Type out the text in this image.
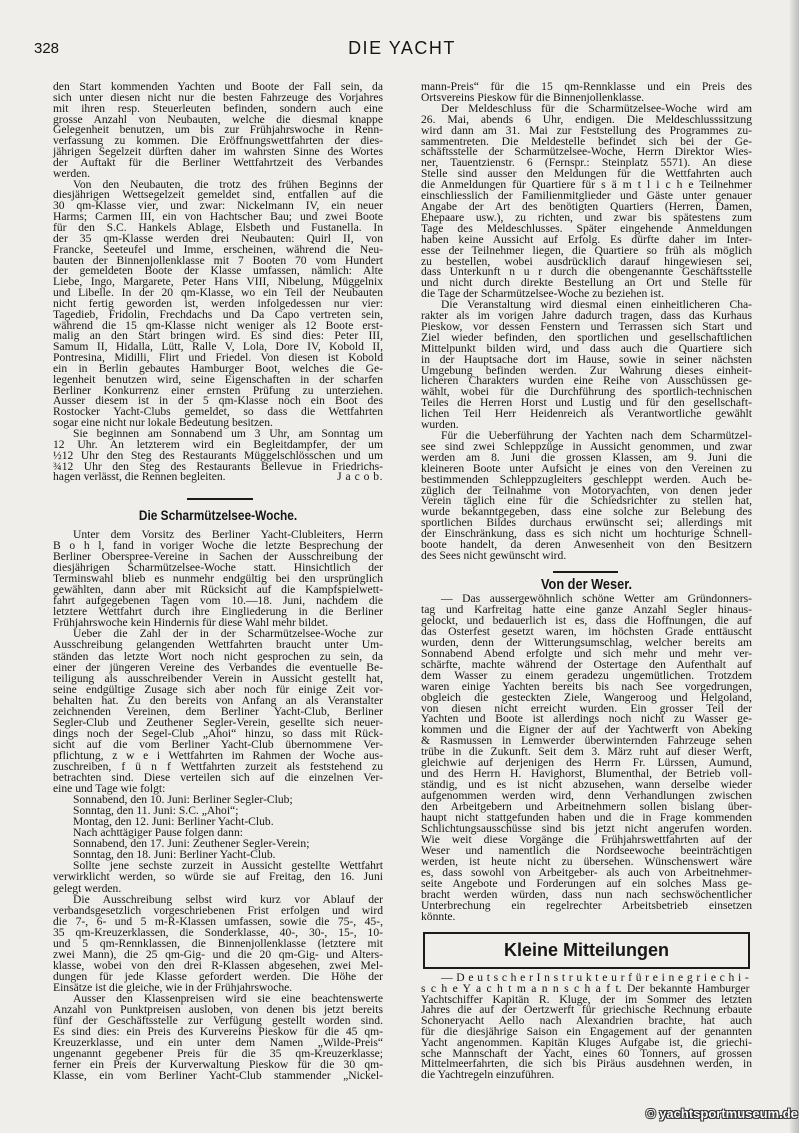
328	DIE YACHT
den Start kommenden Yachten und Boote der Fall sein, da
sich unter diesen nicht nur die besten Fahrzeuge des Vorjahres
mit ihren resp. Steuerleuten befinden, sondern auch eine
grosse Anzahl von Neubauten, welche die diesmal knappe
Gelegenheit benutzen, um bis zur Frühjahrswoche in Renn-
verfassung zu kommen. Die Eröffnungswettfahrten der dies-
jährigen Segelzeit dürften daher im wahrsten Sinne des Wortes
der Auftakt für die Berliner Wettfahrtzeit des Verbandes
werden.
Von den Neubauten, die trotz des frühen Beginns der
diesjährigen Wettsegelzeit gemeldet sind, entfallen auf die
30 qm-Klasse vier, und zwar: Nickelmann IV, ein neuer
Harms; Carmen III, ein von Hachtscher Bau; und zwei Boote
für den S.C. Hankels Ablage, Elsbeth und Fustanella. In
der 35 qm-Klasse werden drei Neubauten: Quirl II, von
Francke, Seeteufel und Imme, erscheinen, während die Neu-
bauten der Binnenjollenklasse mit 7 Booten 70 vom Hundert
der gemeldeten Boote der Klasse umfassen, nämlich: Alte
Liebe, Ingo, Margarete, Peter Hans VIII, Nibelung, Müggelnix
und Libelle. In der 20 qm-Klasse, wo ein Teil der Neubauten
nicht fertig geworden ist, werden infolgedessen nur vier:
Tagedieb, Fridolin, Frechdachs und Da Capo vertreten sein,
während die 15 qm-Klasse nicht weniger als 12 Boote erst-
malig an den Start bringen wird. Es sind dies: Peter III,
Samum II, Hidalla, Lütt, Ralle V, Lola, Dore IV, Kobold II,
Pontresina, Midilli, Flirt und Friedel. Von diesen ist Kobold
ein in Berlin gebautes Hamburger Boot, welches die Ge-
legenheit benutzen wird, seine Eigenschaften in der scharfen
Berliner Konkurrenz einer ernsten Prüfung zu unterziehen.
Ausser diesem ist in der 5 qm-Klasse noch ein Boot des
Rostocker Yacht-Clubs gemeldet, so dass die Wettfahrten
sogar eine nicht nur lokale Bedeutung besitzen.
Sie beginnen am Sonnabend um 3 Uhr, am Sonntag um
12 Uhr. An letzterem wird ein Begleitdampfer, der um
½12 Uhr den Steg des Restaurants Müggelschlösschen und um
¾12 Uhr den Steg des Restaurants Bellevue in Friedrichs-
hagen verlässt, die Rennen begleiten.	J a c o b.
Die Scharmützelsee-Woche.
Unter dem Vorsitz des Berliner Yacht-Clubleiters, Herrn
B o h l, fand in voriger Woche die letzte Besprechung der
Berliner Oberspree-Vereine in Sachen der Ausschreibung der
diesjährigen Scharmützelsee-Woche statt. Hinsichtlich der
Terminswahl blieb es nunmehr endgültig bei den ursprünglich
gewählten, dann aber mit Rücksicht auf die Kampfspielwett-
fahrt aufgegebenen Tagen vom 10.—18. Juni, nachdem die
letztere Wettfahrt durch ihre Eingliederung in die Berliner
Frühjahrswoche kein Hindernis für diese Wahl mehr bildet.
Ueber die Zahl der in der Scharmützelsee-Woche zur
Ausschreibung gelangenden Wettfahrten braucht unter Um-
ständen das letzte Wort noch nicht gesprochen zu sein, da
einer der jüngeren Vereine des Verbandes die eventuelle Be-
teiligung als ausschreibender Verein in Aussicht gestellt hat,
seine endgültige Zusage sich aber noch für einige Zeit vor-
behalten hat. Zu den bereits von Anfang an als Veranstalter
zeichnenden Vereinen, dem Berliner Yacht-Club, Berliner
Segler-Club und Zeuthener Segler-Verein, gesellte sich neuer-
dings noch der Segel-Club „Ahoi“ hinzu, so dass mit Rück-
sicht auf die vom Berliner Yacht-Club übernommene Ver-
pflichtung, z w e i Wettfahrten im Rahmen der Woche aus-
zuschreiben, f ü n f Wettfahrten zurzeit als feststehend zu
betrachten sind. Diese verteilen sich auf die einzelnen Ver-
eine und Tage wie folgt:
Sonnabend, den 10. Juni: Berliner Segler-Club;
Sonntag, den 11. Juni: S.C. „Ahoi“;
Montag, den 12. Juni: Berliner Yacht-Club.
Nach achttägiger Pause folgen dann:
Sonnabend, den 17. Juni: Zeuthener Segler-Verein;
Sonntag, den 18. Juni: Berliner Yacht-Club.
Sollte jene sechste zurzeit in Aussicht gestellte Wettfahrt
verwirklicht werden, so würde sie auf Freitag, den 16. Juni
gelegt werden.
Die Ausschreibung selbst wird kurz vor Ablauf der
verbandsgesetzlich vorgeschriebenen Frist erfolgen und wird
die 7-, 6- und 5 m-R-Klassen umfassen, sowie die 75-, 45-,
35 qm-Kreuzerklassen, die Sonderklasse, 40-, 30-, 15-, 10-
und 5 qm-Rennklassen, die Binnenjollenklasse (letztere mit
zwei Mann), die 25 qm-Gig- und die 20 qm-Gig- und Alters-
klasse, wobei von den drei R-Klassen abgesehen, zwei Mel-
dungen für jede Klasse gefordert werden. Die Höhe der
Einsätze ist die gleiche, wie in der Frühjahrswoche.
Ausser den Klassenpreisen wird sie eine beachtenswerte
Anzahl von Punktpreisen ausloben, von denen bis jetzt bereits
fünf der Geschäftsstelle zur Verfügung gestellt worden sind.
Es sind dies: ein Preis des Kurvereins Pieskow für die 45 qm-
Kreuzerklasse, und ein unter dem Namen „Wilde-Preis“
ungenannt gegebener Preis für die 35 qm-Kreuzerklasse;
ferner ein Preis der Kurverwaltung Pieskow für die 30 qm-
Klasse, ein vom Berliner Yacht-Club stammender „Nickel-
mann-Preis“ für die 15 qm-Rennklasse und ein Preis des
Ortsvereins Pieskow für die Binnenjollenklasse.
Der Meldeschluss für die Scharmützelsee-Woche wird am
26. Mai, abends 6 Uhr, endigen. Die Meldeschlusssitzung
wird dann am 31. Mai zur Feststellung des Programmes zu-
sammentreten. Die Meldestelle befindet sich bei der Ge-
schäftsstelle der Scharmützelsee-Woche, Herrn Direktor Wies-
ner, Tauentzienstr. 6 (Fernspr.: Steinplatz 5571). An diese
Stelle sind ausser den Meldungen für die Wettfahrten auch
die Anmeldungen für Quartiere für s ä m t l i c h e Teilnehmer
einschliesslich der Familienmitglieder und Gäste unter genauer
Angabe der Art des benötigten Quartiers (Herren, Damen,
Ehepaare usw.), zu richten, und zwar bis spätestens zum
Tage des Meldeschlusses. Später eingehende Anmeldungen
haben keine Aussicht auf Erfolg. Es dürfte daher im Inter-
esse der Teilnehmer liegen, die Quartiere so früh als möglich
zu bestellen, wobei ausdrücklich darauf hingewiesen sei,
dass Unterkunft n u r durch die obengenannte Geschäftsstelle
und nicht durch direkte Bestellung an Ort und Stelle für
die Tage der Scharmützelsee-Woche zu beziehen ist.
Die Veranstaltung wird diesmal einen einheitlicheren Cha-
rakter als im vorigen Jahre dadurch tragen, dass das Kurhaus
Pieskow, vor dessen Fenstern und Terrassen sich Start und
Ziel wieder befinden, den sportlichen und gesellschaftlichen
Mittelpunkt bilden wird, und dass auch die Quartiere sich
in der Hauptsache dort im Hause, sowie in seiner nächsten
Umgebung befinden werden. Zur Wahrung dieses einheit-
licheren Charakters wurden eine Reihe von Ausschüssen ge-
wählt, wobei für die Durchführung des sportlich-technischen
Teiles die Herren Horst und Lustig und für den gesellschaft-
lichen Teil Herr Heidenreich als Verantwortliche gewählt
wurden.
Für die Ueberführung der Yachten nach dem Scharmützel-
see sind zwei Schleppzüge in Aussicht genommen, und zwar
werden am 8. Juni die grossen Klassen, am 9. Juni die
kleineren Boote unter Aufsicht je eines von den Vereinen zu
bestimmenden Schleppzugleiters geschleppt werden. Auch be-
züglich der Teilnahme von Motoryachten, von denen jeder
Verein täglich eine für die Schiedsrichter zu stellen hat,
wurde bekanntgegeben, dass eine solche zur Belebung des
sportlichen Bildes durchaus erwünscht sei; allerdings mit
der Einschränkung, dass es sich nicht um hochturige Schnell-
boote handelt, da deren Anwesenheit von den Besitzern
des Sees nicht gewünscht wird.
Von der Weser.
— Das aussergewöhnlich schöne Wetter am Gründonners-
tag und Karfreitag hatte eine ganze Anzahl Segler hinaus-
gelockt, und bedauerlich ist es, dass die Hoffnungen, die auf
das Osterfest gesetzt waren, im höchsten Grade enttäuscht
wurden, denn der Witterungsumschlag, welcher bereits am
Sonnabend Abend erfolgte und sich mehr und mehr ver-
schärfte, machte während der Ostertage den Aufenthalt auf
dem Wasser zu einem geradezu ungemütlichen. Trotzdem
waren einige Yachten bereits bis nach See vorgedrungen,
obgleich die gesteckten Ziele, Wangeroog und Helgoland,
von diesen nicht erreicht wurden. Ein grosser Teil der
Yachten und Boote ist allerdings noch nicht zu Wasser ge-
kommen und die Eigner der auf der Yachtwerft von Abeking
& Rasmussen in Lemwerder überwinternden Fahrzeuge sehen
trübe in die Zukunft. Seit dem 3. März ruht auf dieser Werft,
gleichwie auf derjenigen des Herrn Fr. Lürssen, Aumund,
und des Herrn H. Havighorst, Blumenthal, der Betrieb voll-
ständig, und es ist nicht abzusehen, wann derselbe wieder
aufgenommen werden wird, denn Verhandlungen zwischen
den Arbeitgebern und Arbeitnehmern sollen bislang über-
haupt nicht stattgefunden haben und die in Frage kommenden
Schlichtungsausschüsse sind bis jetzt nicht angerufen worden.
Wie weit diese Vorgänge die Frühjahrswettfahrten auf der
Weser und namentlich die Nordseewoche beeinträchtigen
werden, ist heute nicht zu übersehen. Wünschenswert wäre
es, dass sowohl von Arbeitgeber- als auch von Arbeitnehmer-
seite Angebote und Forderungen auf ein solches Mass ge-
bracht werden würden, dass nun nach sechswöchentlicher
Unterbrechung ein regelrechter Arbeitsbetrieb einsetzen
könnte.
Kleine Mitteilungen
— D e u t s c h e r I n s t r u k t e u r f ü r e i n e g r i e c h i -
s c h e Y a c h t m a n n s c h a f t. Der bekannte Hamburger
Yachtschiffer Kapitän R. Kluge, der im Sommer des letzten
Jahres die auf der Oertzwerft für griechische Rechnung erbaute
Schoneryacht Aello nach Alexandrien brachte, hat auch
für die diesjährige Saison ein Engagement auf der genannten
Yacht angenommen. Kapitän Kluges Aufgabe ist, die griechi-
sche Mannschaft der Yacht, eines 60 Tonners, auf grossen
Mittelmeerfahrten, die sich bis Piräus ausdehnen werden, in
die Yachtregeln einzuführen.
© yachtsportmuseum.de
